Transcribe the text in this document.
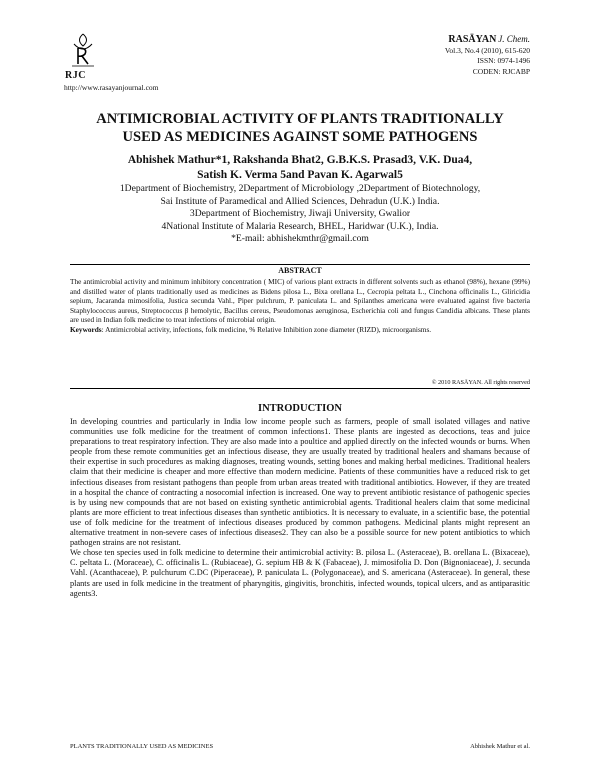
RJC
http://www.rasayanjournal.com
RASĀYAN J. Chem.
Vol.3, No.4 (2010), 615-620
ISSN: 0974-1496
CODEN: RJCABP
ANTIMICROBIAL ACTIVITY OF PLANTS TRADITIONALLY
USED AS MEDICINES AGAINST SOME PATHOGENS
Abhishek Mathur*1, Rakshanda Bhat2, G.B.K.S. Prasad3, V.K. Dua4,
Satish K. Verma 5and Pavan K. Agarwal5
1Department of Biochemistry, 2Department of Microbiology ,2Department of Biotechnology,
Sai Institute of Paramedical and Allied Sciences, Dehradun (U.K.) India.
3Department of Biochemistry, Jiwaji University, Gwalior
4National Institute of Malaria Research, BHEL, Haridwar (U.K.), India.
*E-mail: abhishekmthr@gmail.com
ABSTRACT
The antimicrobial activity and minimum inhibitory concentration ( MIC) of various plant extracts in different solvents such as ethanol (98%), hexane (99%) and distilled water of plants traditionally used as medicines as Bidens pilosa L., Bixa orellana L., Cecropia peltata L., Cinchona officinalis L., Gliricidia sepium, Jacaranda mimosifolia, Justica secunda Vahl., Piper pulchrum, P. paniculata L. and Spilanthes americana were evaluated against five bacteria Staphylococcus aureus, Streptococcus β hemolytic, Bacillus cereus, Pseudomonas aeruginosa, Escherichia coli and fungus Candidia albicans. These plants are used in Indian folk medicine to treat infections of microbial origin.
Keywords: Antimicrobial activity, infections, folk medicine, % Relative Inhibition zone diameter (RIZD), microorganisms.
© 2010 RASĀYAN. All rights reserved
INTRODUCTION

In developing countries and particularly in India low income people such as farmers, people of small isolated villages and native communities use folk medicine for the treatment of common infections1. These plants are ingested as decoctions, teas and juice preparations to treat respiratory infection. They are also made into a poultice and applied directly on the infected wounds or burns. When people from these remote communities get an infectious disease, they are usually treated by traditional healers and shamans because of their expertise in such procedures as making diagnoses, treating wounds, setting bones and making herbal medicines. Traditional healers claim that their medicine is cheaper and more effective than modern medicine. Patients of these communities have a reduced risk to get infectious diseases from resistant pathogens than people from urban areas treated with traditional antibiotics. However, if they are treated in a hospital the chance of contracting a nosocomial infection is increased. One way to prevent antibiotic resistance of pathogenic species is by using new compounds that are not based on existing synthetic antimicrobial agents. Traditional healers claim that some medicinal plants are more efficient to treat infectious diseases than synthetic antibiotics. It is necessary to evaluate, in a scientific base, the potential use of folk medicine for the treatment of infectious diseases produced by common pathogens. Medicinal plants might represent an alternative treatment in non-severe cases of infectious diseases2. They can also be a possible source for new potent antibiotics to which pathogen strains are not resistant.

We chose ten species used in folk medicine to determine their antimicrobial activity: B. pilosa L. (Asteraceae), B. orellana L. (Bixaceae), C. peltata L. (Moraceae), C. officinalis L. (Rubiaceae), G. sepium HB & K (Fabaceae), J. mimosifolia D. Don (Bignoniaceae), J. secunda Vahl. (Acanthaceae), P. pulchurum C.DC (Piperaceae), P. paniculata L. (Polygonaceae), and S. americana (Asteraceae). In general, these plants are used in folk medicine in the treatment of pharyngitis, gingivitis, bronchitis, infected wounds, topical ulcers, and as antiparasitic agents3.

PLANTS TRADITIONALLY USED AS MEDICINES	Abhishek Mathur et al.
